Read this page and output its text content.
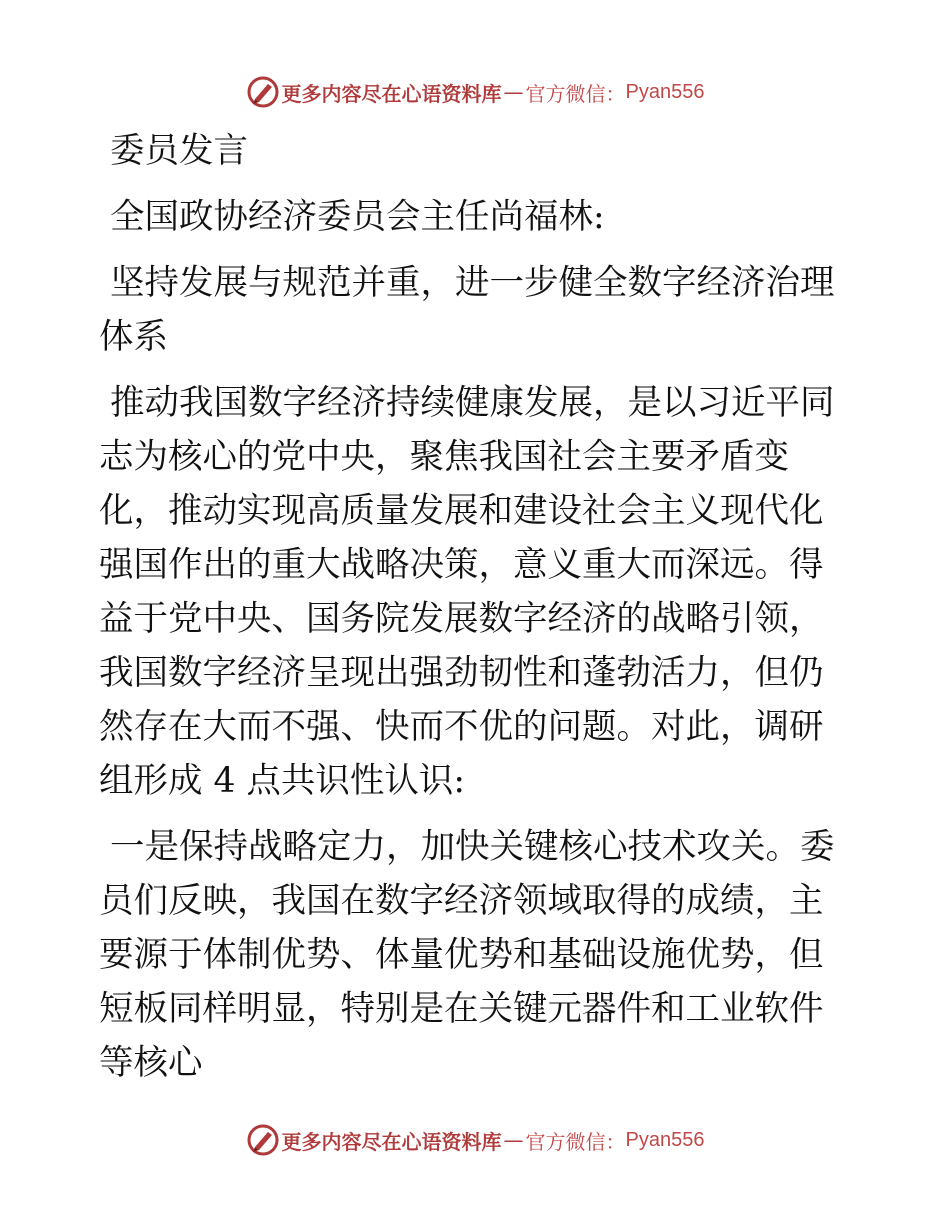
更多内容尽在心语资料库 — 官方微信： Pyan556

委员发言

全国政协经济委员会主任尚福林:

坚持发展与规范并重，进一步健全数字经济治理体系

推动我国数字经济持续健康发展，是以习近平同志为核心的党中央，聚焦我国社会主要矛盾变化，推动实现高质量发展和建设社会主义现代化强国作出的重大战略决策，意义重大而深远。得益于党中央、国务院发展数字经济的战略引领，我国数字经济呈现出强劲韧性和蓬勃活力，但仍然存在大而不强、快而不优的问题。对此，调研组形成 4 点共识性认识:

一是保持战略定力，加快关键核心技术攻关。委员们反映，我国在数字经济领域取得的成绩，主要源于体制优势、体量优势和基础设施优势，但短板同样明显，特别是在关键元器件和工业软件等核心

更多内容尽在心语资料库 — 官方微信： Pyan556
